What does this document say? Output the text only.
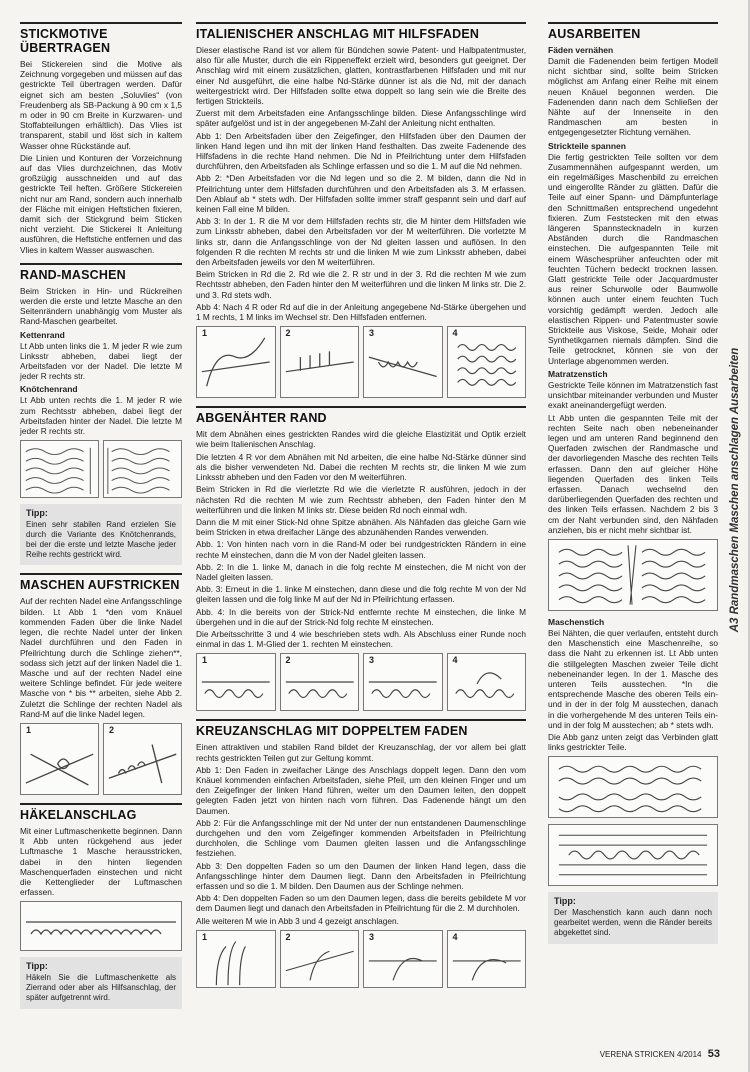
STICKMOTIVE ÜBERTRAGEN

Bei Stickereien sind die Motive als Zeichnung vorgegeben und müssen auf das gestrickte Teil übertragen werden. Dafür eignet sich am besten „Soluvlies“ (von Freudenberg als SB-Packung à 90 cm x 1,5 m oder in 90 cm Breite in Kurzwaren- und Stoffabteilungen erhältlich). Das Vlies ist transparent, stabil und löst sich in kaltem Wasser ohne Rückstände auf.

Die Linien und Konturen der Vorzeichnung auf das Vlies durchzeichnen, das Motiv großzügig ausschneiden und auf das gestrickte Teil heften. Größere Stickereien nicht nur am Rand, sondern auch innerhalb der Fläche mit einigen Heftstichen fixieren, damit sich der Stickgrund beim Sticken nicht verzieht. Die Stickerei lt Anleitung ausführen, die Heftstiche entfernen und das Vlies in kaltem Wasser auswaschen.

RAND-MASCHEN

Beim Stricken in Hin- und Rückreihen werden die erste und letzte Masche an den Seitenrändern unabhängig vom Muster als Rand-Maschen gearbeitet.

Kettenrand

Lt Abb unten links die 1. M jeder R wie zum Linksstr abheben, dabei liegt der Arbeitsfaden vor der Nadel. Die letzte M jeder R rechts str.

Knötchenrand

Lt Abb unten rechts die 1. M jeder R wie zum Rechtsstr abheben, dabei liegt der Arbeitsfaden hinter der Nadel. Die letzte M jeder R rechts str.

Tipp:

Einen sehr stabilen Rand erzielen Sie durch die Variante des Knötchenrands, bei der die erste und letzte Masche jeder Reihe rechts gestrickt wird.

MASCHEN AUFSTRICKEN

Auf der rechten Nadel eine Anfangsschlinge bilden. Lt Abb 1 *den vom Knäuel kommenden Faden über die linke Nadel legen, die rechte Nadel unter der linken Nadel durchführen und den Faden in Pfeilrichtung durch die Schlinge ziehen**, sodass sich jetzt auf der linken Nadel die 1. Masche und auf der rechten Nadel eine weitere Schlinge befindet. Für jede weitere Masche von * bis ** arbeiten, siehe Abb 2. Zuletzt die Schlinge der rechten Nadel als Rand-M auf die linke Nadel legen.

1	2
HÄKELANSCHLAG

Mit einer Luftmaschenkette beginnen. Dann lt Abb unten rückgehend aus jeder Luftmasche 1 Masche herausstricken, dabei in den hinten liegenden Maschenquerfaden einstechen und nicht die Kettenglieder der Luftmaschen erfassen.

Tipp:

Häkeln Sie die Luftmaschenkette als Zierrand oder aber als Hilfsanschlag, der später aufgetrennt wird.

ITALIENISCHER ANSCHLAG MIT HILFSFADEN

Dieser elastische Rand ist vor allem für Bündchen sowie Patent- und Halbpatentmuster, also für alle Muster, durch die ein Rippeneffekt erzielt wird, besonders gut geeignet. Der Anschlag wird mit einem zusätzlichen, glatten, kontrastfarbenen Hilfsfaden und mit nur einer Nd ausgeführt, die eine halbe Nd-Stärke dünner ist als die Nd, mit der danach weitergestrickt wird. Der Hilfsfaden sollte etwa doppelt so lang sein wie die Breite des fertigen Strickteils.

Zuerst mit dem Arbeitsfaden eine Anfangsschlinge bilden. Diese Anfangsschlinge wird später aufgelöst und ist in der angegebenen M-Zahl der Anleitung nicht enthalten.

Abb 1: Den Arbeitsfaden über den Zeigefinger, den Hilfsfaden über den Daumen der linken Hand legen und ihn mit der linken Hand festhalten. Das zweite Fadenende des Hilfsfadens in die rechte Hand nehmen. Die Nd in Pfeilrichtung unter dem Hilfsfaden durchführen, den Arbeitsfaden als Schlinge erfassen und so die 1. M auf die Nd nehmen.

Abb 2: *Den Arbeitsfaden vor die Nd legen und so die 2. M bilden, dann die Nd in Pfeilrichtung unter dem Hilfsfaden durchführen und den Arbeitsfaden als 3. M erfassen. Den Ablauf ab * stets wdh. Der Hilfsfaden sollte immer straff gespannt sein und darf auf keinen Fall eine M bilden.

Abb 3: In der 1. R die M vor dem Hilfsfaden rechts str, die M hinter dem Hilfsfaden wie zum Linksstr abheben, dabei den Arbeitsfaden vor der M weiterführen. Die vorletzte M links str, dann die Anfangsschlinge von der Nd gleiten lassen und auflösen. In den folgenden R die rechten M rechts str und die linken M wie zum Linksstr abheben, dabei den Arbeitsfaden jeweils vor den M weiterführen.

Beim Stricken in Rd die 2. Rd wie die 2. R str und in der 3. Rd die rechten M wie zum Rechtsstr abheben, den Faden hinter den M weiterführen und die linken M links str. Die 2. und 3. Rd stets wdh.

Abb 4: Nach 4 R oder Rd auf die in der Anleitung angegebene Nd-Stärke übergehen und 1 M rechts, 1 M links im Wechsel str. Den Hilfsfaden entfernen.

1	2	3	4
ABGENÄHTER RAND

Mit dem Abnähen eines gestrickten Randes wird die gleiche Elastizität und Optik erzielt wie beim Italienischen Anschlag.

Die letzten 4 R vor dem Abnähen mit Nd arbeiten, die eine halbe Nd-Stärke dünner sind als die bisher verwendeten Nd. Dabei die rechten M rechts str, die linken M wie zum Linksstr abheben und den Faden vor den M weiterführen.

Beim Stricken in Rd die vierletzte Rd wie die vierletzte R ausführen, jedoch in der nächsten Rd die rechten M wie zum Rechtsstr abheben, den Faden hinter den M weiterführen und die linken M links str. Diese beiden Rd noch einmal wdh.

Dann die M mit einer Stick-Nd ohne Spitze abnähen. Als Nähfaden das gleiche Garn wie beim Stricken in etwa dreifacher Länge des abzunähenden Randes verwenden.

Abb. 1: Von hinten nach vorn in die Rand-M oder bei rundgestrickten Rändern in eine rechte M einstechen, dann die M von der Nadel gleiten lassen.

Abb. 2: In die 1. linke M, danach in die folg rechte M einstechen, die M nicht von der Nadel gleiten lassen.

Abb. 3: Erneut in die 1. linke M einstechen, dann diese und die folg rechte M von der Nd gleiten lassen und die folg linke M auf der Nd in Pfeilrichtung erfassen.

Abb. 4: In die bereits von der Strick-Nd entfernte rechte M einstechen, die linke M übergehen und in die auf der Strick-Nd folg rechte M einstechen.

Die Arbeitsschritte 3 und 4 wie beschrieben stets wdh. Als Abschluss einer Runde noch einmal in das 1. M-Glied der 1. rechten M einstechen.

1	2	3	4
KREUZANSCHLAG MIT DOPPELTEM FADEN

Einen attraktiven und stabilen Rand bildet der Kreuzanschlag, der vor allem bei glatt rechts gestrickten Teilen gut zur Geltung kommt.

Abb 1: Den Faden in zweifacher Länge des Anschlags doppelt legen. Dann den vom Knäuel kommenden einfachen Arbeitsfaden, siehe Pfeil, um den kleinen Finger und um den Zeigefinger der linken Hand führen, weiter um den Daumen leiten, den doppelt gelegten Faden jetzt von hinten nach vorn führen. Das Fadenende hängt um den Daumen.

Abb 2: Für die Anfangsschlinge mit der Nd unter der nun entstandenen Daumenschlinge durchgehen und den vom Zeigefinger kommenden Arbeitsfaden in Pfeilrichtung durchholen, die Schlinge vom Daumen gleiten lassen und die Anfangsschlinge festziehen.

Abb 3: Den doppelten Faden so um den Daumen der linken Hand legen, dass die Anfangsschlinge hinter dem Daumen liegt. Dann den Arbeitsfaden in Pfeilrichtung erfassen und so die 1. M bilden. Den Daumen aus der Schlinge nehmen.

Abb 4: Den doppelten Faden so um den Daumen legen, dass die bereits gebildete M vor dem Daumen liegt und danach den Arbeitsfaden in Pfeilrichtung für die 2. M durchholen.

Alle weiteren M wie in Abb 3 und 4 gezeigt anschlagen.

1	2	3	4
AUSARBEITEN
Fäden vernähen

Damit die Fadenenden beim fertigen Modell nicht sichtbar sind, sollte beim Stricken möglichst am Anfang einer Reihe mit einem neuen Knäuel begonnen werden. Die Fadenenden dann nach dem Schließen der Nähte auf der Innenseite in den Randmaschen am besten in entgegengesetzter Richtung vernähen.

Strickteile spannen

Die fertig gestrickten Teile sollten vor dem Zusammennähen aufgespannt werden, um ein regelmäßiges Maschenbild zu erreichen und eingerollte Ränder zu glätten. Dafür die Teile auf einer Spann- und Dämpfunterlage den Schnittmaßen entsprechend ungedehnt fixieren. Zum Feststecken mit den etwas längeren Spannstecknadeln in kurzen Abständen durch die Randmaschen einstechen. Die aufgespannten Teile mit einem Wäschesprüher anfeuchten oder mit feuchten Tüchern bedeckt trocknen lassen. Glatt gestrickte Teile oder Jacquardmuster aus reiner Schurwolle oder Baumwolle können auch unter einem feuchten Tuch vorsichtig gedämpft werden. Jedoch alle elastischen Rippen- und Patentmuster sowie Strickteile aus Viskose, Seide, Mohair oder Synthetikgarnen niemals dämpfen. Sind die Teile getrocknet, können sie von der Unterlage abgenommen werden.

Matratzenstich

Gestrickte Teile können im Matratzenstich fast unsichtbar miteinander verbunden und Muster exakt aneinandergefügt werden.

Lt Abb unten die gespannten Teile mit der rechten Seite nach oben nebeneinander legen und am unteren Rand beginnend den Querfaden zwischen der Randmasche und der davorliegenden Masche des rechten Teils erfassen. Dann den auf gleicher Höhe liegenden Querfaden des linken Teils erfassen. Danach wechselnd den darüberliegenden Querfaden des rechten und des linken Teils erfassen. Nachdem 2 bis 3 cm der Naht verbunden sind, den Nähfaden anziehen, bis er nicht mehr sichtbar ist.

Maschenstich

Bei Nähten, die quer verlaufen, entsteht durch den Maschenstich eine Maschenreihe, so dass die Naht zu erkennen ist. Lt Abb unten die stillgelegten Maschen zweier Teile dicht nebeneinander legen. In der 1. Masche des unteren Teils ausstechen. *In die entsprechende Masche des oberen Teils ein- und in der in der folg M ausstechen, danach in die vorhergehende M des unteren Teils ein- und in der folg M ausstechen; ab * stets wdh.

Die Abb ganz unten zeigt das Verbinden glatt links gestrickter Teile.

Tipp:

Der Maschenstich kann auch dann noch gearbeitet werden, wenn die Ränder bereits abgekettet sind.

A3 Randmaschen Maschen anschlagen Ausarbeiten
VERENA STRICKEN 4/2014 53
